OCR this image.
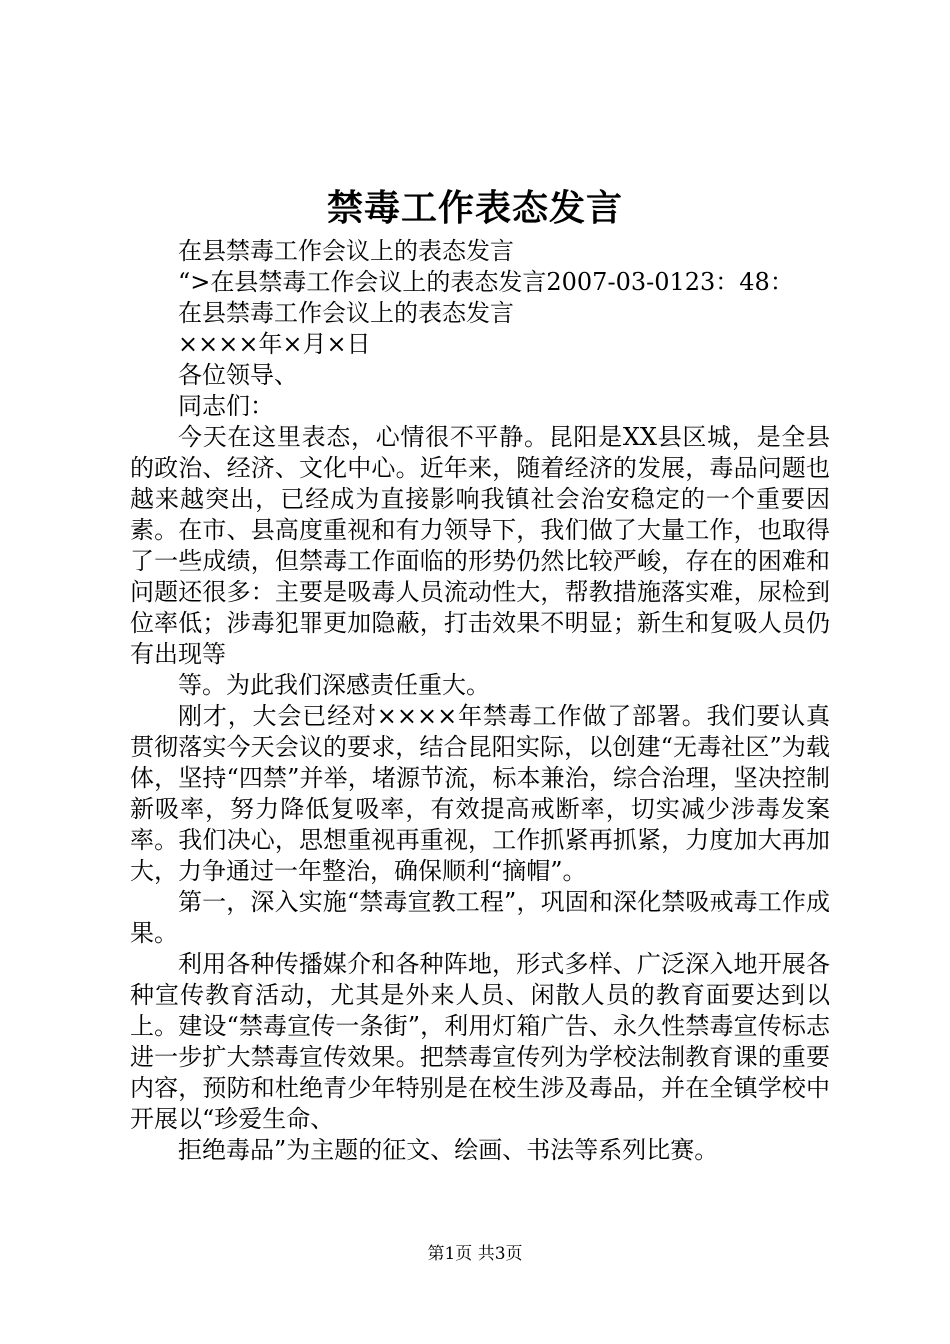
禁毒工作表态发言

在县禁毒工作会议上的表态发言

“>在县禁毒工作会议上的表态发言2007-03-0123：48：

在县禁毒工作会议上的表态发言

××××年×月×日

各位领导、

同志们：

今天在这里表态，心情很不平静。昆阳是XX县区城，是全县的政治、经济、文化中心。近年来，随着经济的发展，毒品问题也越来越突出，已经成为直接影响我镇社会治安稳定的一个重要因素。在市、县高度重视和有力领导下，我们做了大量工作，也取得了一些成绩，但禁毒工作面临的形势仍然比较严峻，存在的困难和问题还很多：主要是吸毒人员流动性大，帮教措施落实难，尿检到位率低；涉毒犯罪更加隐蔽，打击效果不明显；新生和复吸人员仍有出现等

等。为此我们深感责任重大。

刚才，大会已经对××××年禁毒工作做了部署。我们要认真贯彻落实今天会议的要求，结合昆阳实际，以创建“无毒社区”为载体，坚持“四禁”并举，堵源节流，标本兼治，综合治理，坚决控制新吸率，努力降低复吸率，有效提高戒断率，切实减少涉毒发案率。我们决心，思想重视再重视，工作抓紧再抓紧，力度加大再加大，力争通过一年整治，确保顺利“摘帽”。

第一，深入实施“禁毒宣教工程”，巩固和深化禁吸戒毒工作成果。

利用各种传播媒介和各种阵地，形式多样、广泛深入地开展各种宣传教育活动，尤其是外来人员、闲散人员的教育面要达到以上。建设“禁毒宣传一条街”，利用灯箱广告、永久性禁毒宣传标志进一步扩大禁毒宣传效果。把禁毒宣传列为学校法制教育课的重要内容，预防和杜绝青少年特别是在校生涉及毒品，并在全镇学校中开展以“珍爱生命、

拒绝毒品”为主题的征文、绘画、书法等系列比赛。

第1页 共3页
